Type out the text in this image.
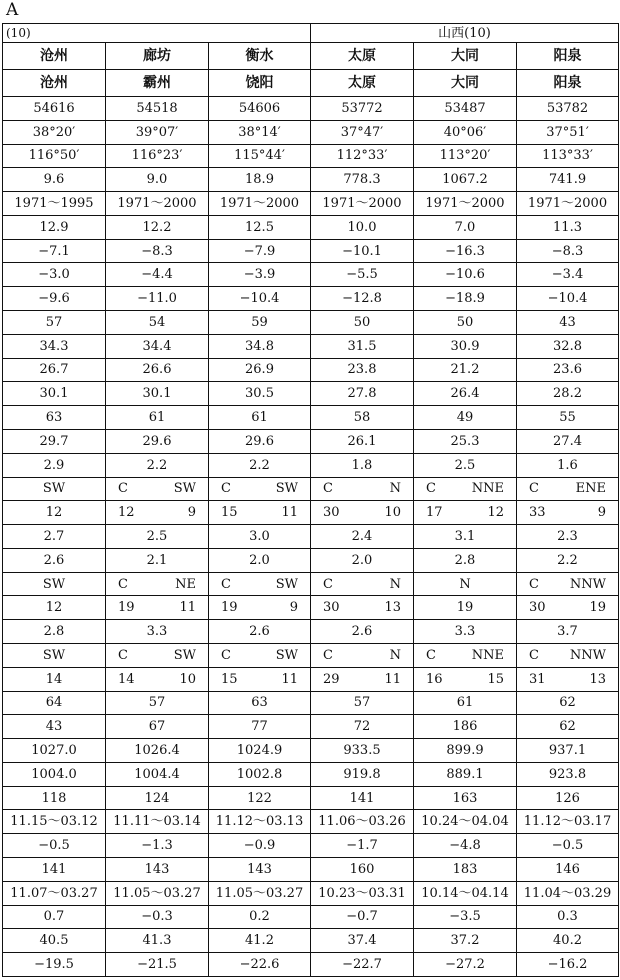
A
(10)			山西(10)		
沧州	廊坊	衡水	太原	大同	阳泉
沧州	霸州	饶阳	太原	大同	阳泉
54616	54518	54606	53772	53487	53782
38°20′	39°07′	38°14′	37°47′	40°06′	37°51′
116°50′	116°23′	115°44′	112°33′	113°20′	113°33′
9.6	9.0	18.9	778.3	1067.2	741.9
1971～1995	1971～2000	1971～2000	1971～2000	1971～2000	1971～2000
12.9	12.2	12.5	10.0	7.0	11.3
−7.1	−8.3	−7.9	−10.1	−16.3	−8.3
−3.0	−4.4	−3.9	−5.5	−10.6	−3.4
−9.6	−11.0	−10.4	−12.8	−18.9	−10.4
57	54	59	50	50	43
34.3	34.4	34.8	31.5	30.9	32.8
26.7	26.6	26.9	23.8	21.2	23.6
30.1	30.1	30.5	27.8	26.4	28.2
63	61	61	58	49	55
29.7	29.6	29.6	26.1	25.3	27.4
2.9	2.2	2.2	1.8	2.5	1.6

SW	C SW	C SW	C N	C NNE	C ENE

12	12 9	15 11	30 10	17 12	33 9

2.7	2.5	3.0	2.4	3.1	2.3
2.6	2.1	2.0	2.0	2.8	2.2

SW	C NE	C SW	C N	N	C NNW

12	19 11	19 9	30 13	19	30 19

2.8	3.3	2.6	2.6	3.3	3.7

SW	C SW	C SW	C N	C NNE	C NNW

14	14 10	15 11	29 11	16 15	31 13

64	57	63	57	61	62
43	67	77	72	186	62
1027.0	1026.4	1024.9	933.5	899.9	937.1
1004.0	1004.4	1002.8	919.8	889.1	923.8
118	124	122	141	163	126
11.15～03.12	11.11～03.14	11.12～03.13	11.06～03.26	10.24～04.04	11.12～03.17
−0.5	−1.3	−0.9	−1.7	−4.8	−0.5
141	143	143	160	183	146
11.07～03.27	11.05～03.27	11.05～03.27	10.23～03.31	10.14～04.14	11.04～03.29
0.7	−0.3	0.2	−0.7	−3.5	0.3
40.5	41.3	41.2	37.4	37.2	40.2
−19.5	−21.5	−22.6	−22.7	−27.2	−16.2
